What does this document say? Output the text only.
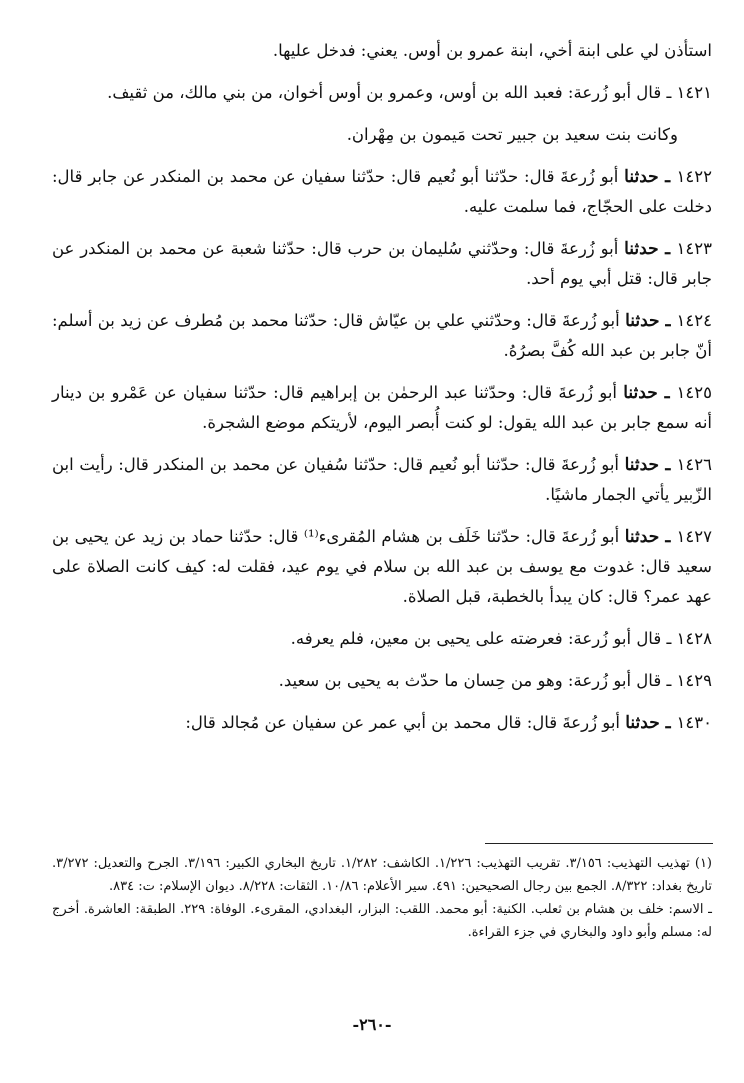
استأذن لي على ابنة أخي، ابنة عمرو بن أوس. يعني: فدخل عليها.

١٤٢١ ـ قال أبو زُرعة: فعبد الله بن أوس، وعمرو بن أوس أخوان، من بني مالك، من ثقيف.

وكانت بنت سعيد بن جبير تحت مَيمون بن مِهْران.

١٤٢٢ ـ حدثنا أبو زُرعةَ قال: حدّثنا أبو نُعيم قال: حدّثنا سفيان عن محمد بن المنكدر عن جابر قال: دخلت على الحجّاج، فما سلمت عليه.

١٤٢٣ ـ حدثنا أبو زُرعةَ قال: وحدّثني سُليمان بن حرب قال: حدّثنا شعبة عن محمد بن المنكدر عن جابر قال: قتل أبي يوم أحد.

١٤٢٤ ـ حدثنا أبو زُرعةَ قال: وحدّثني علي بن عيّاش قال: حدّثنا محمد بن مُطرف عن زيد بن أسلم: أنّ جابر بن عبد الله كُفَّ بصرُهُ.

١٤٢٥ ـ حدثنا أبو زُرعةَ قال: وحدّثنا عبد الرحمٰن بن إبراهيم قال: حدّثنا سفيان عن عَمْرو بن دينار أنه سمع جابر بن عبد الله يقول: لو كنت أُبصر اليوم، لأريتكم موضع الشجرة.

١٤٢٦ ـ حدثنا أبو زُرعةَ قال: حدّثنا أبو نُعيم قال: حدّثنا سُفيان عن محمد بن المنكدر قال: رأيت ابن الزّبير يأتي الجمار ماشيًا.

١٤٢٧ ـ حدثنا أبو زُرعةَ قال: حدّثنا خَلَف بن هشام المُقرىء⁽¹⁾ قال: حدّثنا حماد بن زيد عن يحيى بن سعيد قال: غدوت مع يوسف بن عبد الله بن سلام في يوم عيد، فقلت له: كيف كانت الصلاة على عهد عمر؟ قال: كان يبدأ بالخطبة، قبل الصلاة.

١٤٢٨ ـ قال أبو زُرعة: فعرضته على يحيى بن معين، فلم يعرفه.

١٤٢٩ ـ قال أبو زُرعة: وهو من حِسان ما حدّث به يحيى بن سعيد.

١٤٣٠ ـ حدثنا أبو زُرعةَ قال: قال محمد بن أبي عمر عن سفيان عن مُجالد قال:

(١) تهذيب التهذيب: ٣/١٥٦. تقريب التهذيب: ١/٢٢٦. الكاشف: ١/٢٨٢. تاريخ البخاري الكبير: ٣/١٩٦. الجرح والتعديل: ٣/٢٧٢. تاريخ بغداد: ٨/٣٢٢. الجمع بين رجال الصحيحين: ٤٩١. سير الأعلام: ١٠/٨٦. الثقات: ٨/٢٢٨. ديوان الإسلام: ت: ٨٣٤.

ـ الاسم: خلف بن هشام بن ثعلب. الكنية: أبو محمد. اللقب: البزار، البغدادي، المقرىء. الوفاة: ٢٢٩. الطبقة: العاشرة. أخرج له: مسلم وأبو داود والبخاري في جزء القراءة.

-٢٦٠-
